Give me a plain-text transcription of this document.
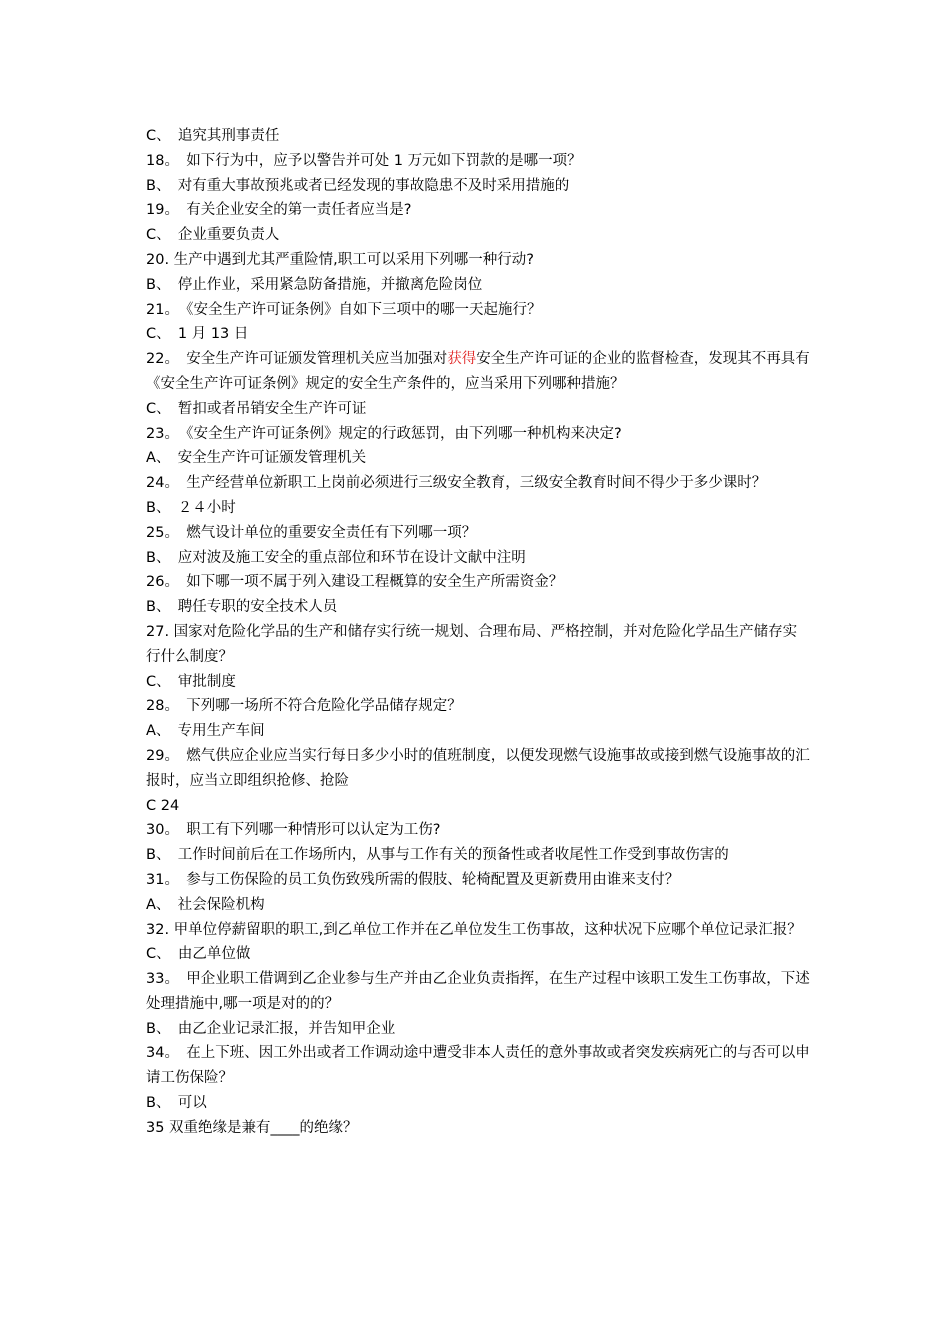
C、　追究其刑事责任
18。　如下行为中，应予以警告并可处 1 万元如下罚款的是哪一项？
B、　对有重大事故预兆或者已经发现的事故隐患不及时采用措施的
19。　有关企业安全的第一责任者应当是?
C、　企业重要负责人
20. 生产中遇到尤其严重险情,职工可以采用下列哪一种行动?
B、　停止作业，采用紧急防备措施，并撤离危险岗位
21。　《安全生产许可证条例》自如下三项中的哪一天起施行？
C、　1 月 13 日
22。　安全生产许可证颁发管理机关应当加强对获得安全生产许可证的企业的监督检查，发现其不再具有《安全生产许可证条例》规定的安全生产条件的，应当采用下列哪种措施？
C、　暂扣或者吊销安全生产许可证
23。　《安全生产许可证条例》规定的行政惩罚，由下列哪一种机构来决定?
A、　安全生产许可证颁发管理机关
24。　生产经营单位新职工上岗前必须进行三级安全教育，三级安全教育时间不得少于多少课时？
B、　２４小时
25。　燃气设计单位的重要安全责任有下列哪一项？
B、　应对波及施工安全的重点部位和环节在设计文献中注明
26。　如下哪一项不属于列入建设工程概算的安全生产所需资金？
B、　聘任专职的安全技术人员
27. 国家对危险化学品的生产和储存实行统一规划、合理布局、严格控制，并对危险化学品生产储存实行什么制度？
C、　审批制度
28。　下列哪一场所不符合危险化学品储存规定？
A、　专用生产车间
29。　燃气供应企业应当实行每日多少小时的值班制度，以便发现燃气设施事故或接到燃气设施事故的汇报时，应当立即组织抢修、抢险
C 24
30。　职工有下列哪一种情形可以认定为工伤?
B、　工作时间前后在工作场所内，从事与工作有关的预备性或者收尾性工作受到事故伤害的
31。　参与工伤保险的员工负伤致残所需的假肢、轮椅配置及更新费用由谁来支付？
A、　社会保险机构
32. 甲单位停薪留职的职工,到乙单位工作并在乙单位发生工伤事故，这种状况下应哪个单位记录汇报？
C、　由乙单位做
33。　甲企业职工借调到乙企业参与生产并由乙企业负责指挥，在生产过程中该职工发生工伤事故，下述处理措施中,哪一项是对的的？
B、　由乙企业记录汇报，并告知甲企业
34。　在上下班、因工外出或者工作调动途中遭受非本人责任的意外事故或者突发疾病死亡的与否可以申请工伤保险？
B、　可以
35 双重绝缘是兼有____的绝缘？
